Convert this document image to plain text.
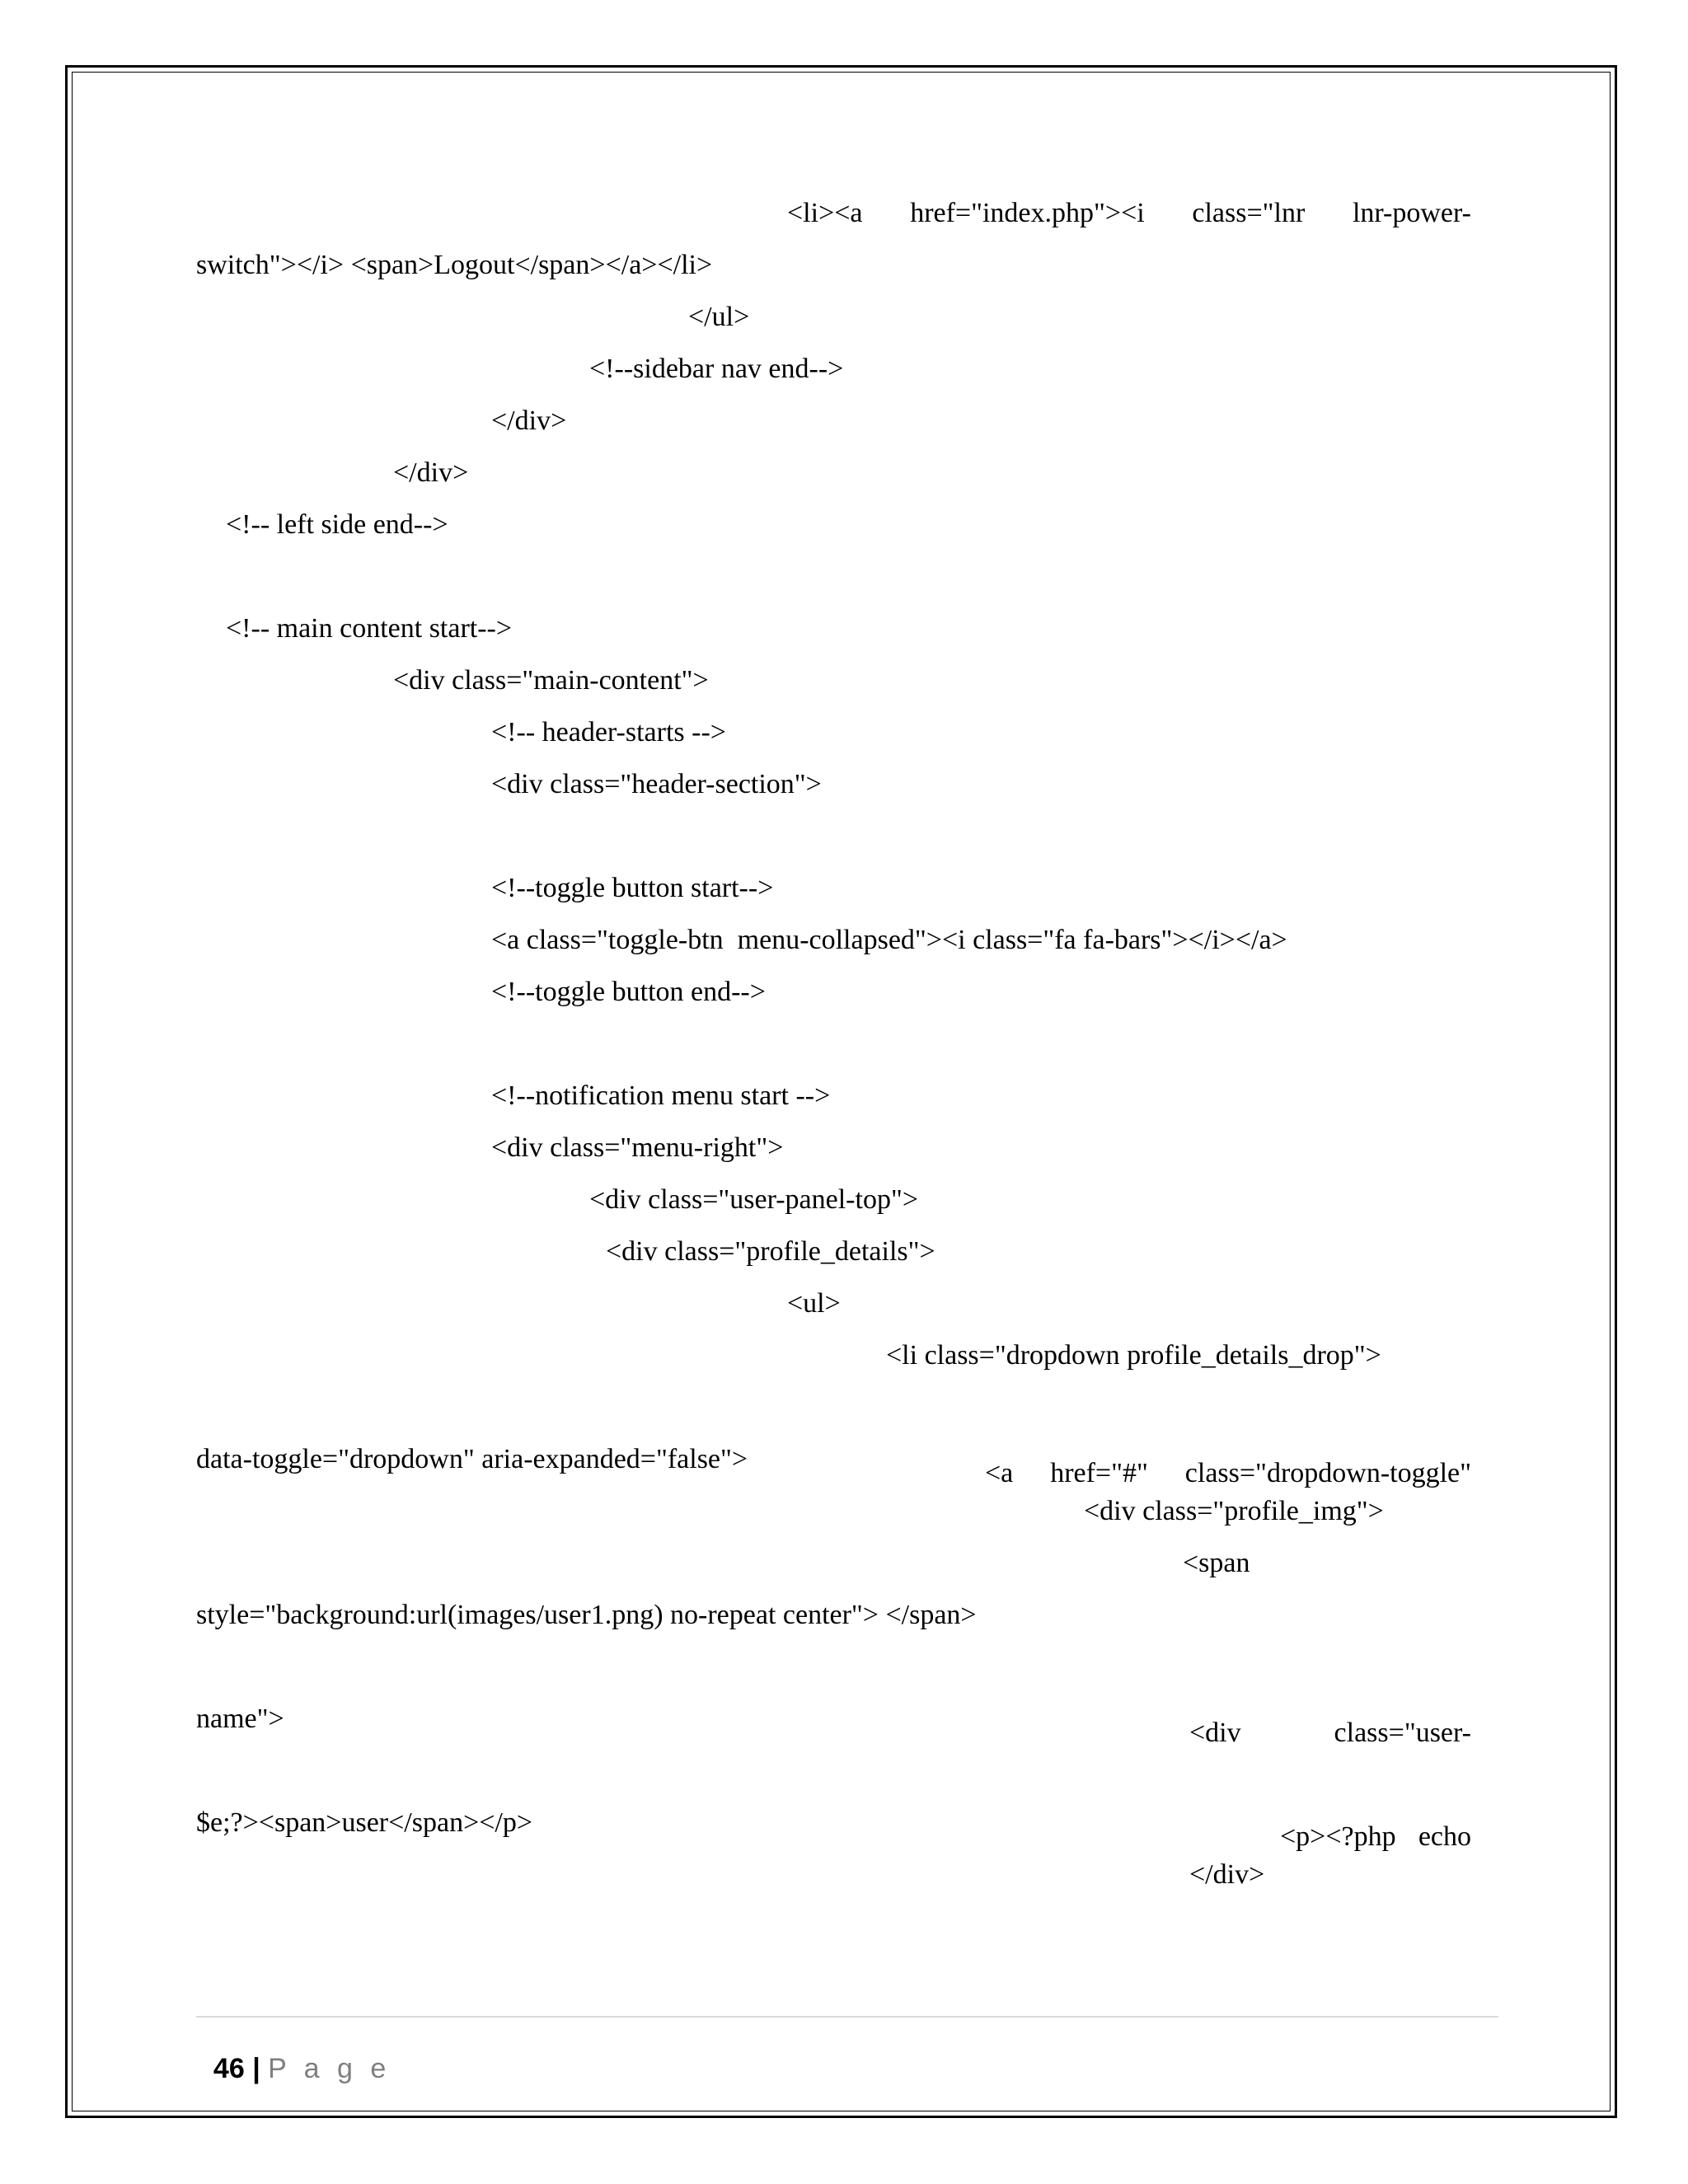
<li><a href="index.php"><i class="lnr lnr-power-
switch"></i> <span>Logout</span></a></li>
</ul>
<!--sidebar nav end-->
</div>
</div>
<!-- left side end-->
<!-- main content start-->
<div class="main-content">
<!-- header-starts -->
<div class="header-section">
<!--toggle button start-->
<a class="toggle-btn  menu-collapsed"><i class="fa fa-bars"></i></a>
<!--toggle button end-->
<!--notification menu start -->
<div class="menu-right">
<div class="user-panel-top">
<div class="profile_details">
<ul>
<li class="dropdown profile_details_drop">

<a href="#" class="dropdown-toggle"

data-toggle="dropdown" aria-expanded="false">
<div class="profile_img">
<span
style="background:url(images/user1.png) no-repeat center"> </span>

<div class="user-

name">

<p><?php echo

$e;?><span>user</span></p>
</div>

46 | P a g e
